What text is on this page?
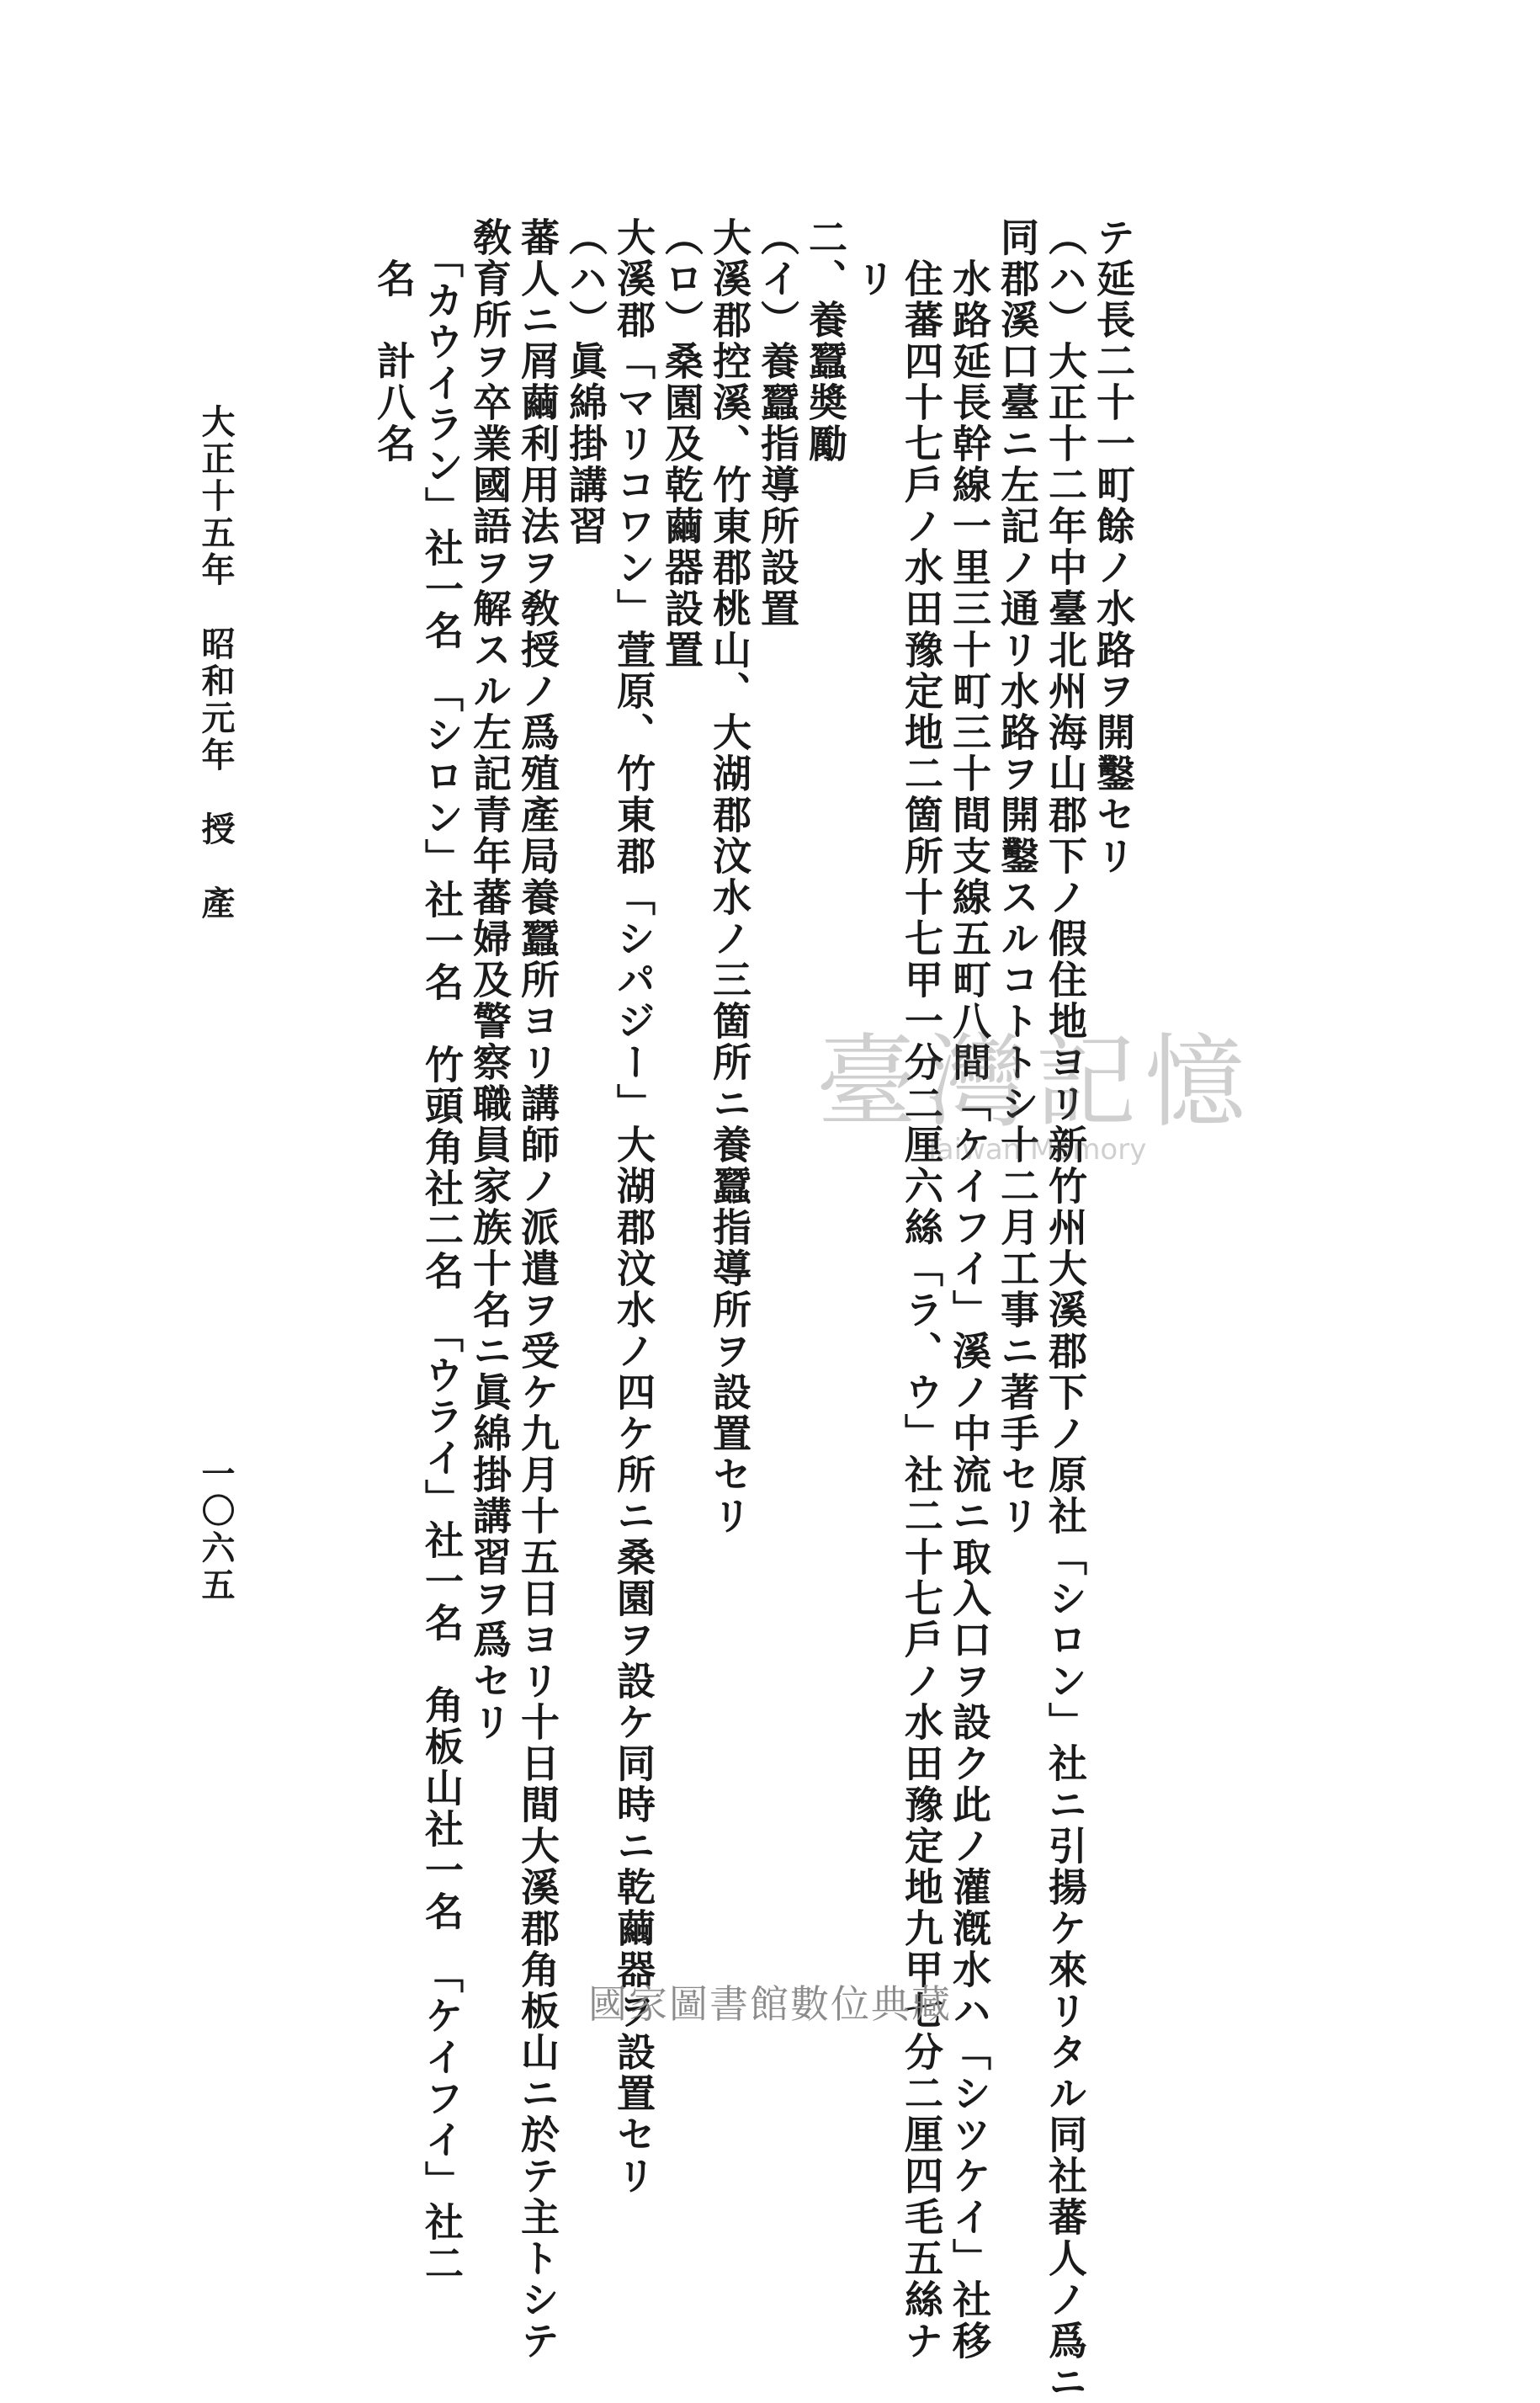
テ延長二十一町餘ノ水路ヲ開鑿セリ
（ハ）大正十二年中臺北州海山郡下ノ假住地ヨリ新竹州大溪郡下ノ原社「シロン」社ニ引揚ケ來リタル同社蕃人ノ爲ニ
同郡溪口臺ニ左記ノ通リ水路ヲ開鑿スルコトトシ十二月工事ニ著手セリ
　水路延長幹線一里三十町三十間支線五町八間「ケイフイ」溪ノ中流ニ取入口ヲ設ク此ノ灌漑水ハ「シツケイ」社移
　住蕃四十七戶ノ水田豫定地二箇所十七甲一分二厘六絲「ラ、ウ」社二十七戶ノ水田豫定地九甲七分二厘四毛五絲ナ
　リ
二、養蠶奬勵
（イ）養蠶指導所設置
大溪郡控溪、竹東郡桃山、大湖郡汶水ノ三箇所ニ養蠶指導所ヲ設置セリ
（ロ）桑園及乾繭器設置
大溪郡「マリコワン」萱原、竹東郡「シパジー」大湖郡汶水ノ四ケ所ニ桑園ヲ設ケ同時ニ乾繭器ヲ設置セリ
（ハ）眞綿掛講習
蕃人ニ屑繭利用法ヲ敎授ノ爲殖產局養蠶所ヨリ講師ノ派遣ヲ受ケ九月十五日ヨリ十日間大溪郡角板山ニ於テ主トシテ
敎育所ヲ卒業國語ヲ解スル左記青年蕃婦及警察職員家族十名ニ眞綿掛講習ヲ爲セリ
　「カウイラン」社一名　「シロン」社一名　竹頭角社二名　「ウライ」社一名　角板山社一名　「ケイフイ」社二
　名　計八名
大正十五年　昭和元年　授　產
一〇六五
臺灣記憶
Taiwan Memory
國家圖書館數位典藏
